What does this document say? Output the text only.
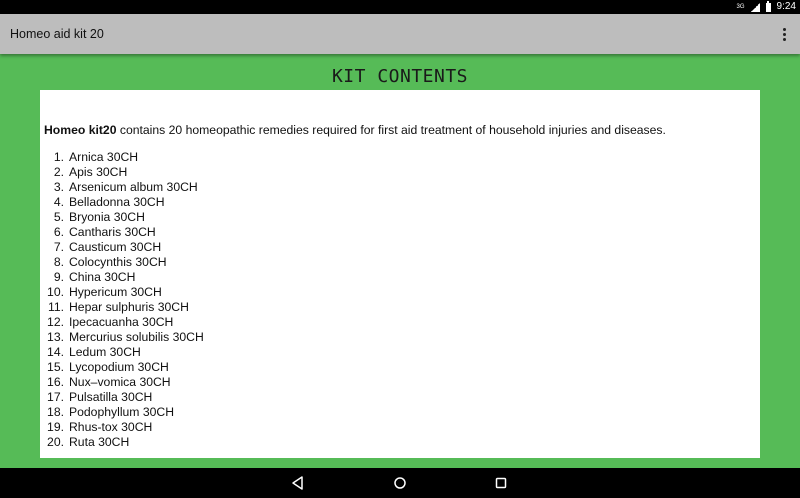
3G	9:24
Homeo aid kit 20
KIT CONTENTS

Homeo kit20 contains 20 homeopathic remedies required for first aid treatment of household injuries and diseases.

1. Arnica 30CH
2. Apis 30CH
3. Arsenicum album 30CH
4. Belladonna 30CH
5. Bryonia 30CH
6. Cantharis 30CH
7. Causticum 30CH
8. Colocynthis 30CH
9. China 30CH
10. Hypericum 30CH
11. Hepar sulphuris 30CH
12. Ipecacuanha 30CH
13. Mercurius solubilis 30CH
14. Ledum 30CH
15. Lycopodium 30CH
16. Nux–vomica 30CH
17. Pulsatilla 30CH
18. Podophyllum 30CH
19. Rhus-tox 30CH
20. Ruta 30CH
